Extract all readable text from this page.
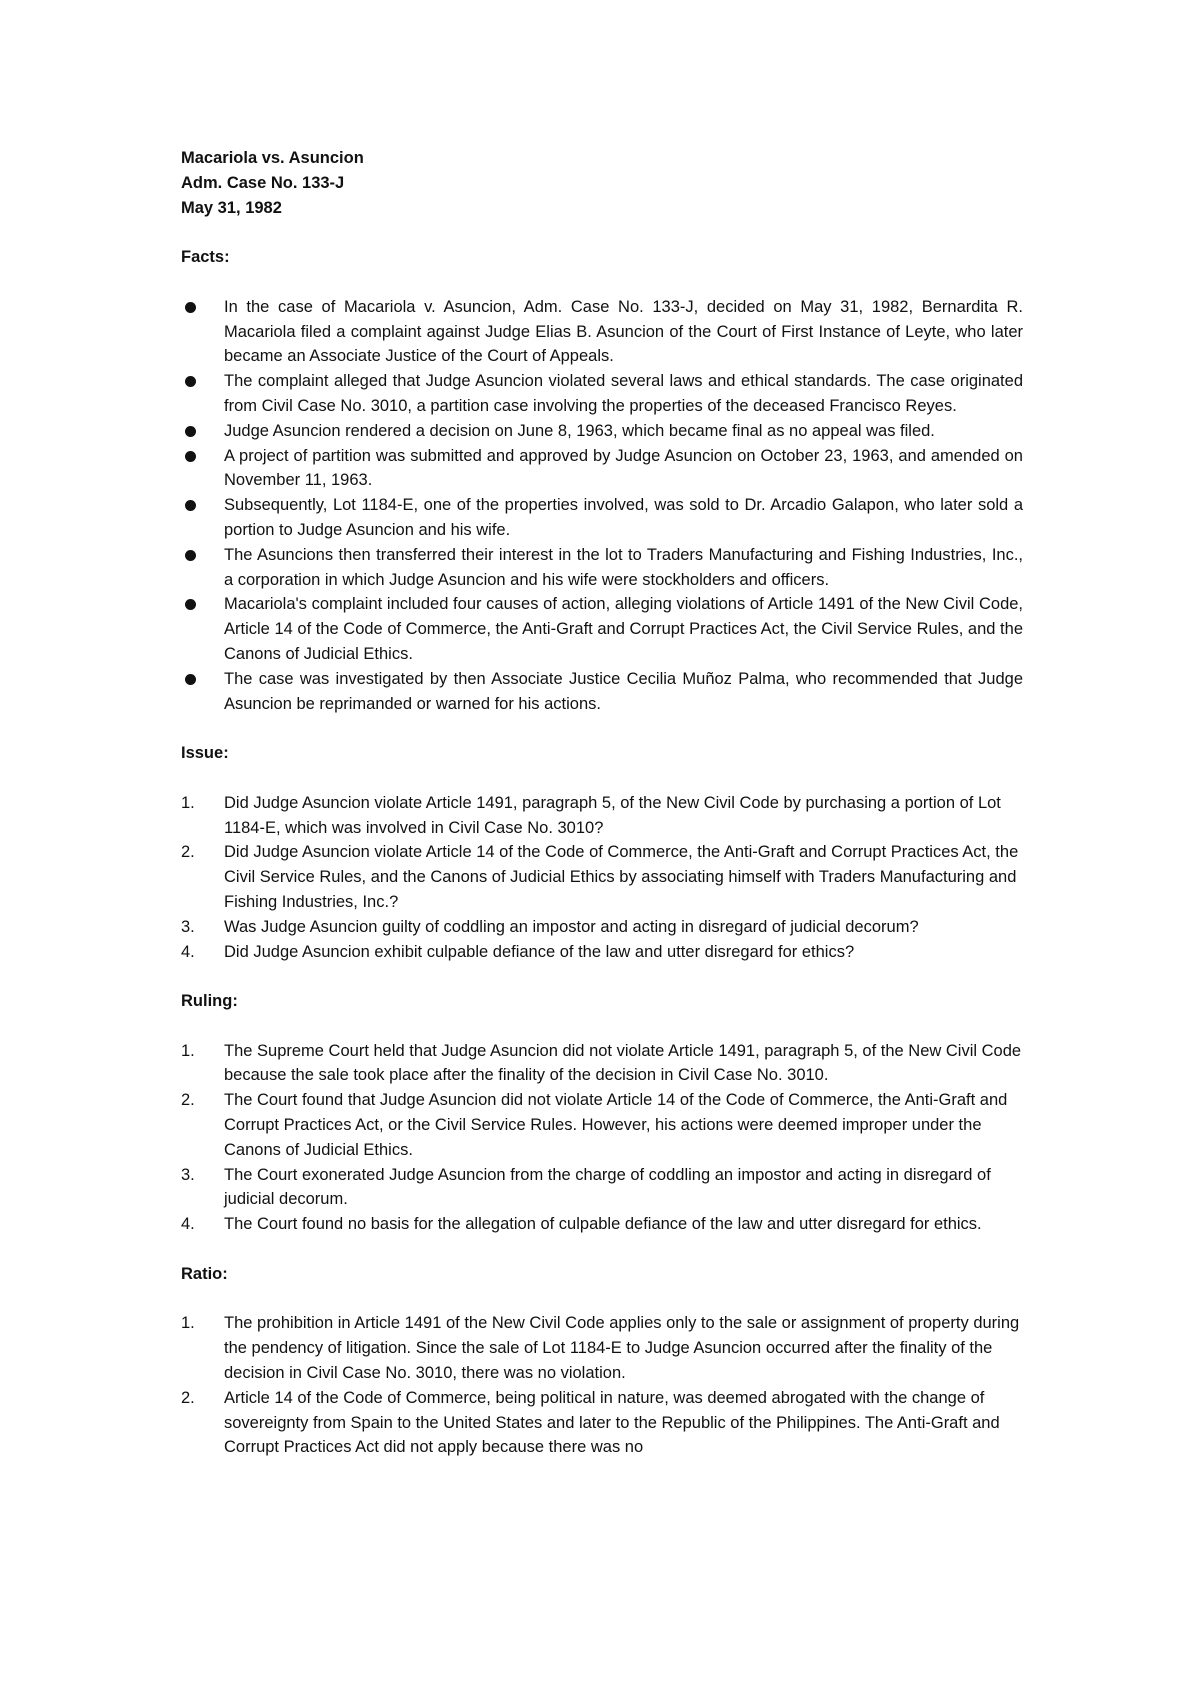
Macariola vs. Asuncion

Adm. Case No. 133-J

May 31, 1982

Facts:

In the case of Macariola v. Asuncion, Adm. Case No. 133-J, decided on May 31, 1982, Bernardita R. Macariola filed a complaint against Judge Elias B. Asuncion of the Court of First Instance of Leyte, who later became an Associate Justice of the Court of Appeals.
The complaint alleged that Judge Asuncion violated several laws and ethical standards. The case originated from Civil Case No. 3010, a partition case involving the properties of the deceased Francisco Reyes.
Judge Asuncion rendered a decision on June 8, 1963, which became final as no appeal was filed.
A project of partition was submitted and approved by Judge Asuncion on October 23, 1963, and amended on November 11, 1963.
Subsequently, Lot 1184-E, one of the properties involved, was sold to Dr. Arcadio Galapon, who later sold a portion to Judge Asuncion and his wife.
The Asuncions then transferred their interest in the lot to Traders Manufacturing and Fishing Industries, Inc., a corporation in which Judge Asuncion and his wife were stockholders and officers.
Macariola's complaint included four causes of action, alleging violations of Article 1491 of the New Civil Code, Article 14 of the Code of Commerce, the Anti-Graft and Corrupt Practices Act, the Civil Service Rules, and the Canons of Judicial Ethics.
The case was investigated by then Associate Justice Cecilia Muñoz Palma, who recommended that Judge Asuncion be reprimanded or warned for his actions.

Issue:

1. Did Judge Asuncion violate Article 1491, paragraph 5, of the New Civil Code by purchasing a portion of Lot 1184-E, which was involved in Civil Case No. 3010?
2. Did Judge Asuncion violate Article 14 of the Code of Commerce, the Anti-Graft and Corrupt Practices Act, the Civil Service Rules, and the Canons of Judicial Ethics by associating himself with Traders Manufacturing and Fishing Industries, Inc.?
3. Was Judge Asuncion guilty of coddling an impostor and acting in disregard of judicial decorum?
4. Did Judge Asuncion exhibit culpable defiance of the law and utter disregard for ethics?

Ruling:

1. The Supreme Court held that Judge Asuncion did not violate Article 1491, paragraph 5, of the New Civil Code because the sale took place after the finality of the decision in Civil Case No. 3010.
2. The Court found that Judge Asuncion did not violate Article 14 of the Code of Commerce, the Anti-Graft and Corrupt Practices Act, or the Civil Service Rules. However, his actions were deemed improper under the Canons of Judicial Ethics.
3. The Court exonerated Judge Asuncion from the charge of coddling an impostor and acting in disregard of judicial decorum.
4. The Court found no basis for the allegation of culpable defiance of the law and utter disregard for ethics.

Ratio:

1. The prohibition in Article 1491 of the New Civil Code applies only to the sale or assignment of property during the pendency of litigation. Since the sale of Lot 1184-E to Judge Asuncion occurred after the finality of the decision in Civil Case No. 3010, there was no violation.
2. Article 14 of the Code of Commerce, being political in nature, was deemed abrogated with the change of sovereignty from Spain to the United States and later to the Republic of the Philippines. The Anti-Graft and Corrupt Practices Act did not apply because there was no
